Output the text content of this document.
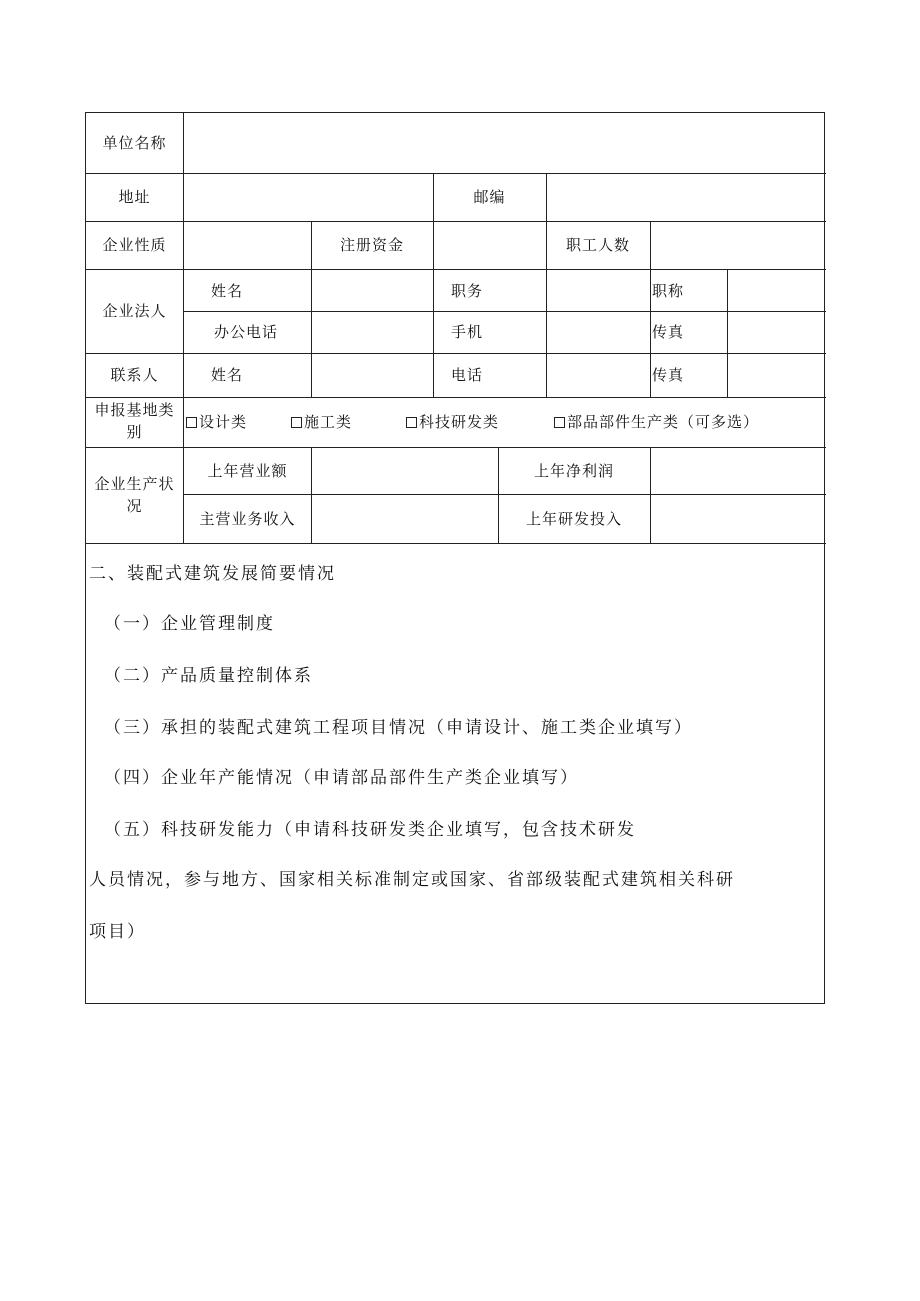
单位名称
地址	邮编
企业性质	注册资金	职工人数
企业法人
姓名	职务	职称
办公电话	手机	传真
联系人	姓名	电话	传真
申报基地类别
设计类	施工类	科技研发类	部品部件生产类（可多选）
企业生产状况
上年营业额	上年净利润
主营业务收入	上年研发投入
二、装配式建筑发展简要情况
（一）企业管理制度
（二）产品质量控制体系
（三）承担的装配式建筑工程项目情况（申请设计、施工类企业填写）
（四）企业年产能情况（申请部品部件生产类企业填写）
（五）科技研发能力（申请科技研发类企业填写，包含技术研发
人员情况，参与地方、国家相关标准制定或国家、省部级装配式建筑相关科研
项目）
